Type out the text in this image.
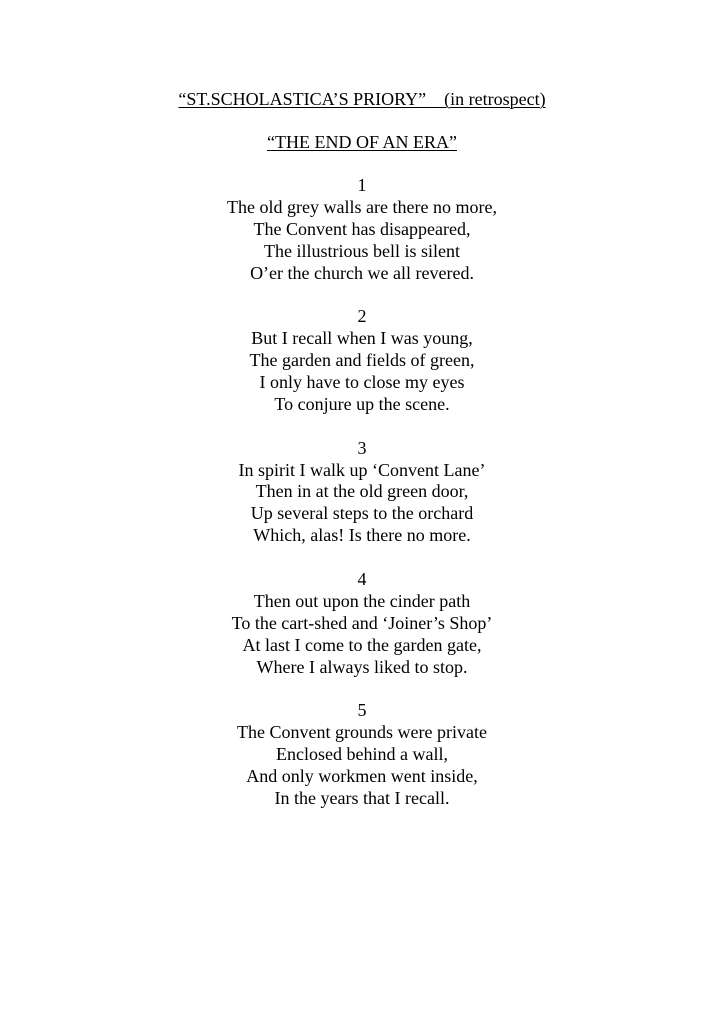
“ST.SCHOLASTICA’S PRIORY” (in retrospect)
“THE END OF AN ERA”
1
The old grey walls are there no more,
The Convent has disappeared,
The illustrious bell is silent
O’er the church we all revered.
2
But I recall when I was young,
The garden and fields of green,
I only have to close my eyes
To conjure up the scene.
3
In spirit I walk up ‘Convent Lane’
Then in at the old green door,
Up several steps to the orchard
Which, alas! Is there no more.
4
Then out upon the cinder path
To the cart-shed and ‘Joiner’s Shop’
At last I come to the garden gate,
Where I always liked to stop.
5
The Convent grounds were private
Enclosed behind a wall,
And only workmen went inside,
In the years that I recall.
